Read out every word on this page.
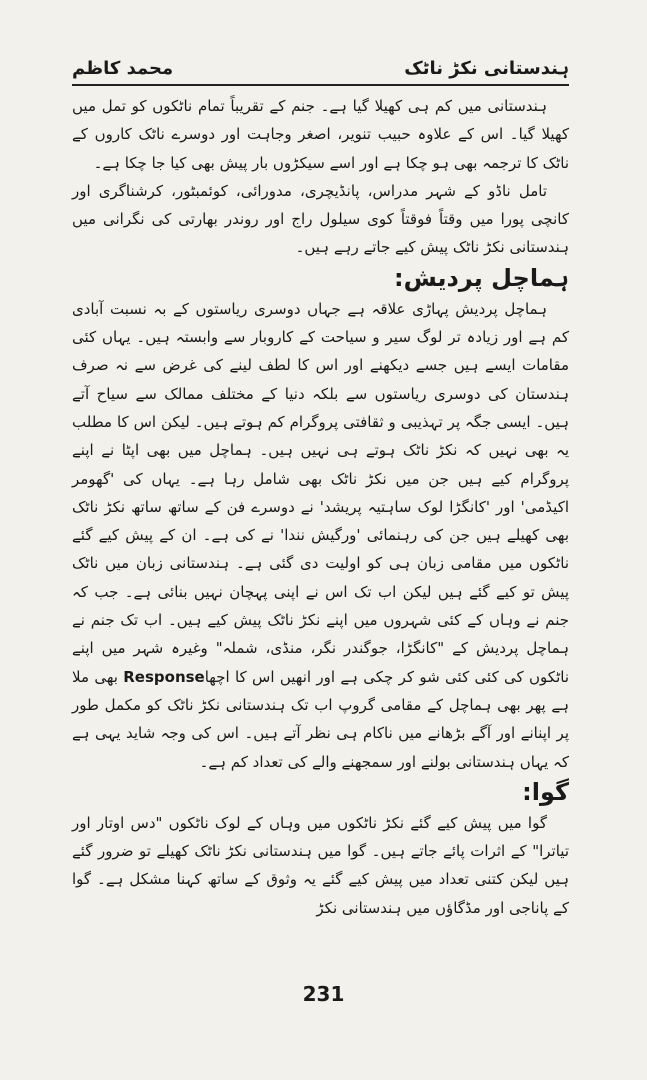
ہندستانی نکڑ ناٹک
محمد کاظم

ہندستانی میں کم ہی کھیلا گیا ہے۔ جنم کے تقریباً تمام ناٹکوں کو تمل میں کھیلا گیا۔ اس کے علاوہ حبیب تنویر، اصغر وجاہت اور دوسرے ناٹک کاروں کے ناٹک کا ترجمہ بھی ہو چکا ہے اور اسے سیکڑوں بار پیش بھی کیا جا چکا ہے۔

تامل ناڈو کے شہر مدراس، پانڈیچری، مدورائی، کوئمبٹور، کرشناگری اور کانچی پورا میں وقتاً فوقتاً کوی سیلول راج اور روندر بھارتی کی نگرانی میں ہندستانی نکڑ ناٹک پیش کیے جاتے رہے ہیں۔

ہماچل پردیش:

ہماچل پردیش پہاڑی علاقہ ہے جہاں دوسری ریاستوں کے بہ نسبت آبادی کم ہے اور زیادہ تر لوگ سیر و سیاحت کے کاروبار سے وابستہ ہیں۔ یہاں کئی مقامات ایسے ہیں جسے دیکھنے اور اس کا لطف لینے کی غرض سے نہ صرف ہندستان کی دوسری ریاستوں سے بلکہ دنیا کے مختلف ممالک سے سیاح آتے ہیں۔ ایسی جگہ پر تہذیبی و ثقافتی پروگرام کم ہوتے ہیں۔ لیکن اس کا مطلب یہ بھی نہیں کہ نکڑ ناٹک ہوتے ہی نہیں ہیں۔ ہماچل میں بھی اپٹا نے اپنے پروگرام کیے ہیں جن میں نکڑ ناٹک بھی شامل رہا ہے۔ یہاں کی 'گھومر اکیڈمی' اور 'کانگڑا لوک ساہتیہ پریشد' نے دوسرے فن کے ساتھ ساتھ نکڑ ناٹک بھی کھیلے ہیں جن کی رہنمائی 'ورگیش نندا' نے کی ہے۔ ان کے پیش کیے گئے ناٹکوں میں مقامی زبان ہی کو اولیت دی گئی ہے۔ ہندستانی زبان میں ناٹک پیش تو کیے گئے ہیں لیکن اب تک اس نے اپنی پہچان نہیں بنائی ہے۔ جب کہ جنم نے وہاں کے کئی شہروں میں اپنے نکڑ ناٹک پیش کیے ہیں۔ اب تک جنم نے ہماچل پردیش کے "کانگڑا، جوگندر نگر، منڈی، شملہ" وغیرہ شہر میں اپنے ناٹکوں کی کئی کئی شو کر چکی ہے اور انھیں اس کا اچھاResponse بھی ملا ہے پھر بھی ہماچل کے مقامی گروپ اب تک ہندستانی نکڑ ناٹک کو مکمل طور پر اپنانے اور آگے بڑھانے میں ناکام ہی نظر آتے ہیں۔ اس کی وجہ شاید یہی ہے کہ یہاں ہندستانی بولنے اور سمجھنے والے کی تعداد کم ہے۔

گوا:

گوا میں پیش کیے گئے نکڑ ناٹکوں میں وہاں کے لوک ناٹکوں "دس اوتار اور تیاترا" کے اثرات پائے جاتے ہیں۔ گوا میں ہندستانی نکڑ ناٹک کھیلے تو ضرور گئے ہیں لیکن کتنی تعداد میں پیش کیے گئے یہ وثوق کے ساتھ کہنا مشکل ہے۔ گوا کے پاناجی اور مڈگاؤں میں ہندستانی نکڑ

231
